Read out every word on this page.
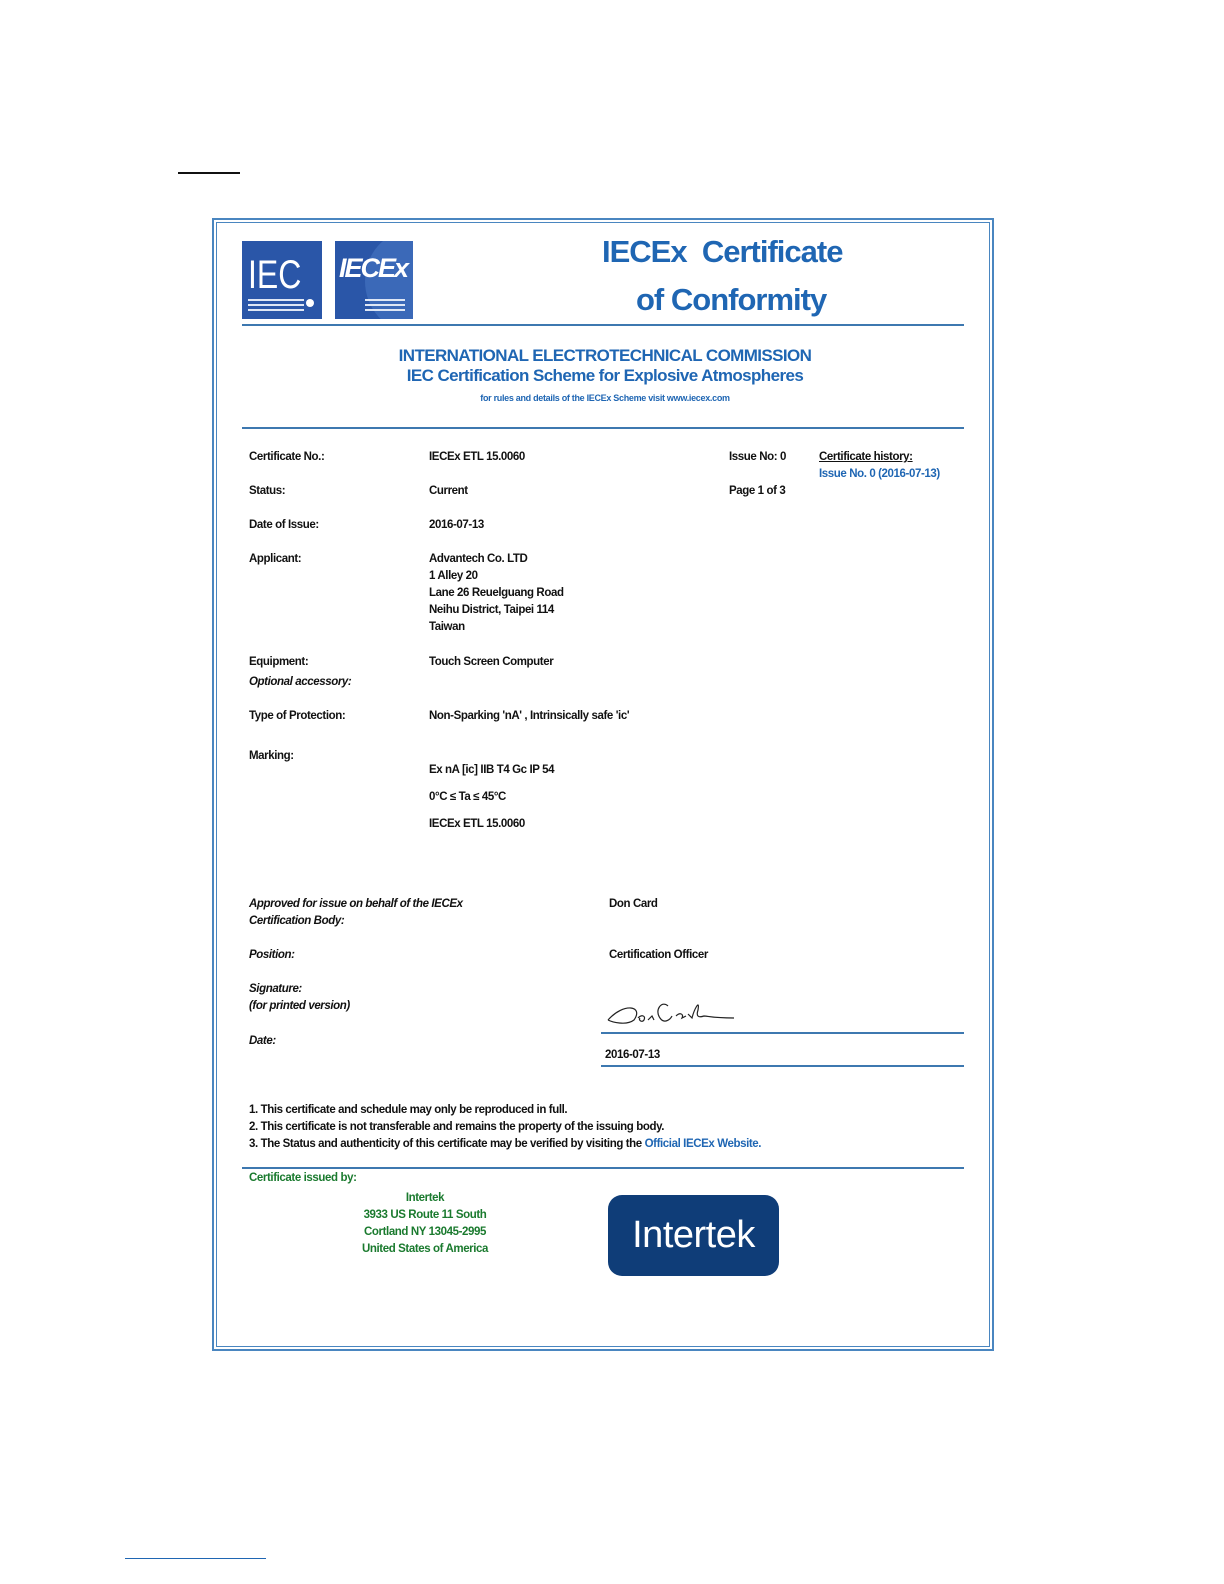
IEC IECEx	IECEx  Certificate
of Conformity
INTERNATIONAL ELECTROTECHNICAL COMMISSION
IEC Certification Scheme for Explosive Atmospheres
for rules and details of the IECEx Scheme visit www.iecex.com
Certificate No.:	IECEx ETL 15.0060	Issue No: 0	Certificate history:
Issue No. 0 (2016-07-13)
Status:	Current	Page 1 of 3
Date of Issue:	2016-07-13
Applicant:	Advantech Co. LTD
1 Alley 20
Lane 26 Reuelguang Road
Neihu District, Taipei 114
Taiwan
Equipment:	Touch Screen Computer
Optional accessory:
Type of Protection:	Non-Sparking 'nA' , Intrinsically safe 'ic'
Marking:
Ex nA [ic] IIB T4 Gc IP 54
0°C ≤ Ta ≤ 45°C
IECEx ETL 15.0060
Approved for issue on behalf of the IECEx
Certification Body:
Don Card
Position:	Certification Officer
Signature:
(for printed version)
Date:
2016-07-13
1. This certificate and schedule may only be reproduced in full.
2. This certificate is not transferable and remains the property of the issuing body.
3. The Status and authenticity of this certificate may be verified by visiting the Official IECEx Website.
Certificate issued by:
Intertek
3933 US Route 11 South
Cortland NY 13045-2995
United States of America	Intertek
